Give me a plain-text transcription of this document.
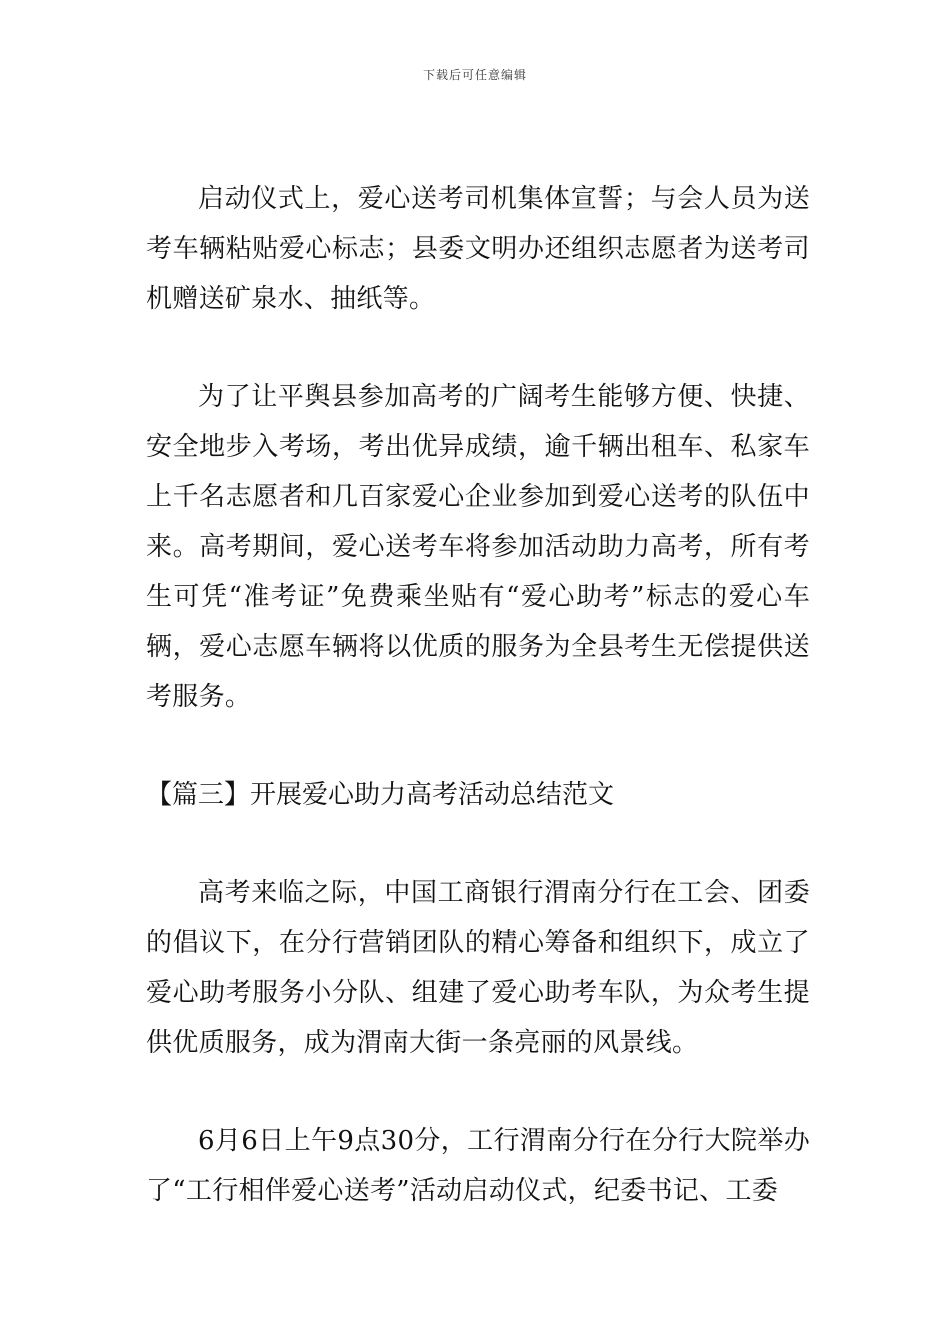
下载后可任意编辑

启动仪式上，爱心送考司机集体宣誓；与会人员为送考车辆粘贴爱心标志；县委文明办还组织志愿者为送考司机赠送矿泉水、抽纸等。

为了让平舆县参加高考的广阔考生能够方便、快捷、安全地步入考场，考出优异成绩，逾千辆出租车、私家车上千名志愿者和几百家爱心企业参加到爱心送考的队伍中来。高考期间，爱心送考车将参加活动助力高考，所有考生可凭“准考证”免费乘坐贴有“爱心助考”标志的爱心车辆，爱心志愿车辆将以优质的服务为全县考生无偿提供送考服务。

【篇三】开展爱心助力高考活动总结范文

高考来临之际，中国工商银行渭南分行在工会、团委的倡议下，在分行营销团队的精心筹备和组织下，成立了爱心助考服务小分队、组建了爱心助考车队，为众考生提供优质服务，成为渭南大街一条亮丽的风景线。

6月6日上午9点30分，工行渭南分行在分行大院举办了“工行相伴爱心送考”活动启动仪式，纪委书记、工委
